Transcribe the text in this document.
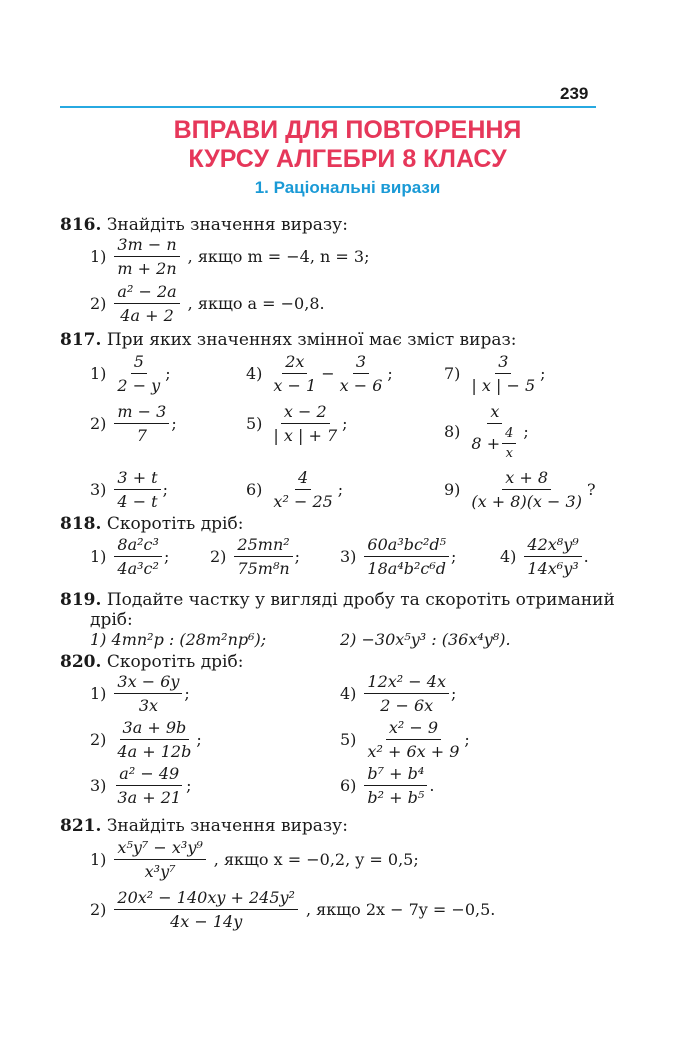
239
ВПРАВИ ДЛЯ ПОВТОРЕННЯ
КУРСУ АЛГЕБРИ 8 КЛАСУ
1. Раціональні вирази
816. Знайдіть значення виразу:
$1) \frac{3m - n}{m + 2n}$ , якщо m = −4, n = 3;
$2) \frac{\text{a² − 2a}}{4a + 2}$ , якщо a = −0,8.
817. При яких значеннях змінної має зміст вираз:
$1) \frac{5}{2 - y}$ ;
$2) \frac{m - 3}{7}$ ;
$3) \frac{3 + t}{4 - t}$ ;
$4) \frac{2x}{x - 1} - \frac{3}{x - 6}$ ;
$5) \frac{x - 2}{| x | + 7}$ ;
$6) \frac{4}{\text{x² − 25}}$ ;
$7) \frac{3}{| x | - 5}$ ;
$8) \frac{x}{8 + \frac{4}{x}}$ ;
$9) \frac{x + 8}{(x + 8)(x - 3)}$ ?
818. Скоротіть дріб:
$1) \frac{\text{8a²c³}}{\text{4a³c²}}$ ;	$2) \frac{\text{25mn²}}{\text{75m⁸n}}$ ; $3) \frac{\text{60a³bc²d⁵}}{\text{18a⁴b²c⁶d}}$ ;	$4) \frac{\text{42x⁸y⁹}}{\text{14x⁶y³}}$ .
819. Подайте частку у вигляді дробу та скоротіть отриманий
дріб:
1) 4mn²p : (28m²np⁶);	2) −30x⁵y³ : (36x⁴y⁸).
820. Скоротіть дріб:
$1) \frac{3x - 6y}{3x}$ ;
$2) \frac{3a + 9b}{4a + 12b}$ ;
$3) \frac{\text{a² − 49}}{3a + 21}$ ;
$4) \frac{\text{12x² − 4x}}{2 - 6x}$ ;
$5) \frac{\text{x² − 9}}{\text{x² + 6x + 9}}$ ;
$6) \frac{\text{b⁷ + b⁴}}{\text{b² + b⁵}}$ .
821. Знайдіть значення виразу:
$1) \frac{\text{x⁵y⁷ − x³y⁹}}{\text{x³y⁷}}$ , якщо x = −0,2, y = 0,5;
$2) \frac{\text{20x² − 140xy + 245y²}}{4x - 14y}$ , якщо 2x − 7y = −0,5.
